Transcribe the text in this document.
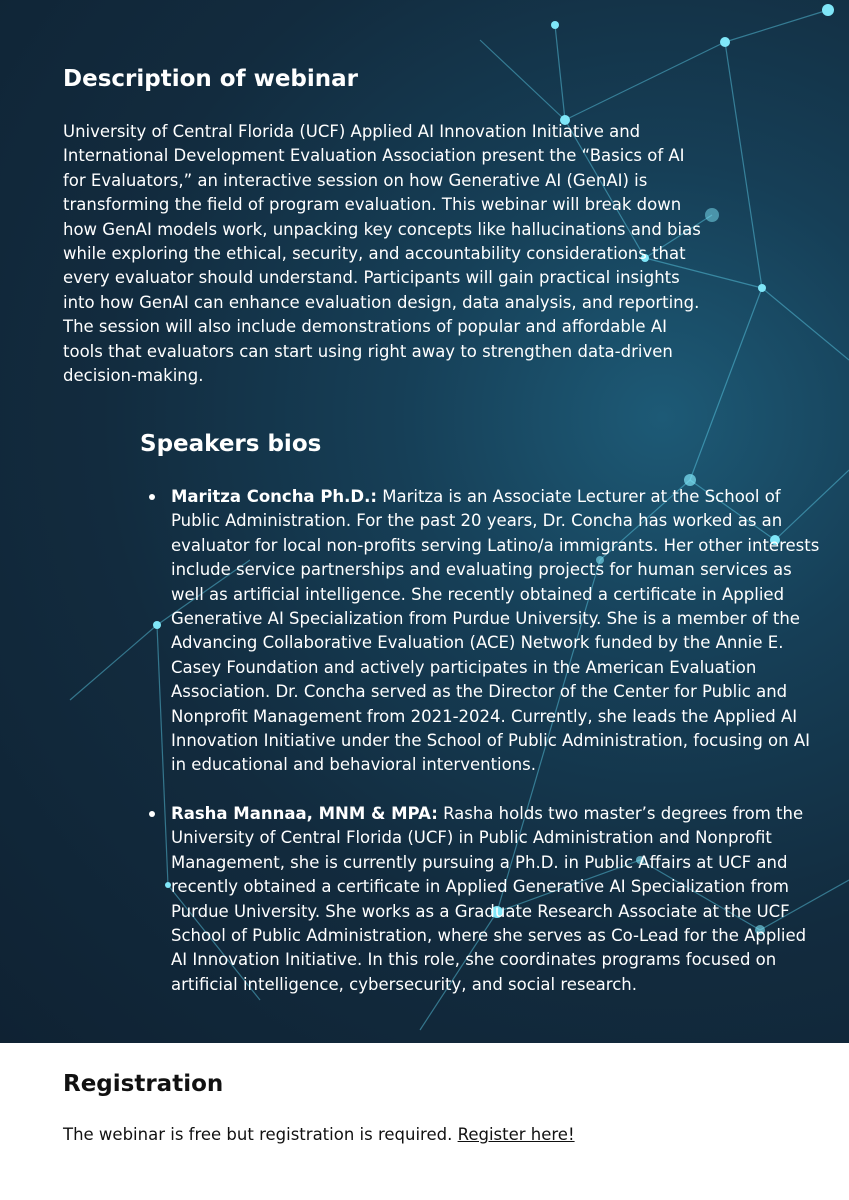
Description of webinar

University of Central Florida (UCF) Applied AI Innovation Initiative and International Development Evaluation Association present the “Basics of AI for Evaluators,” an interactive session on how Generative AI (GenAI) is transforming the field of program evaluation. This webinar will break down how GenAI models work, unpacking key concepts like hallucinations and bias while exploring the ethical, security, and accountability considerations that every evaluator should understand. Participants will gain practical insights into how GenAI can enhance evaluation design, data analysis, and reporting. The session will also include demonstrations of popular and affordable AI tools that evaluators can start using right away to strengthen data-driven decision-making.

Speakers bios
Maritza Concha Ph.D.: Maritza is an Associate Lecturer at the School of Public Administration. For the past 20 years, Dr. Concha has worked as an evaluator for local non-profits serving Latino/a immigrants. Her other interests include service partnerships and evaluating projects for human services as well as artificial intelligence. She recently obtained a certificate in Applied Generative AI Specialization from Purdue University. She is a member of the Advancing Collaborative Evaluation (ACE) Network funded by the Annie E. Casey Foundation and actively participates in the American Evaluation Association. Dr. Concha served as the Director of the Center for Public and Nonprofit Management from 2021-2024. Currently, she leads the Applied AI Innovation Initiative under the School of Public Administration, focusing on AI in educational and behavioral interventions.
Rasha Mannaa, MNM & MPA: Rasha holds two master’s degrees from the University of Central Florida (UCF) in Public Administration and Nonprofit Management, she is currently pursuing a Ph.D. in Public Affairs at UCF and recently obtained a certificate in Applied Generative AI Specialization from Purdue University. She works as a Graduate Research Associate at the UCF School of Public Administration, where she serves as Co-Lead for the Applied AI Innovation Initiative. In this role, she coordinates programs focused on artificial intelligence, cybersecurity, and social research.
Registration

The webinar is free but registration is required. Register here!
